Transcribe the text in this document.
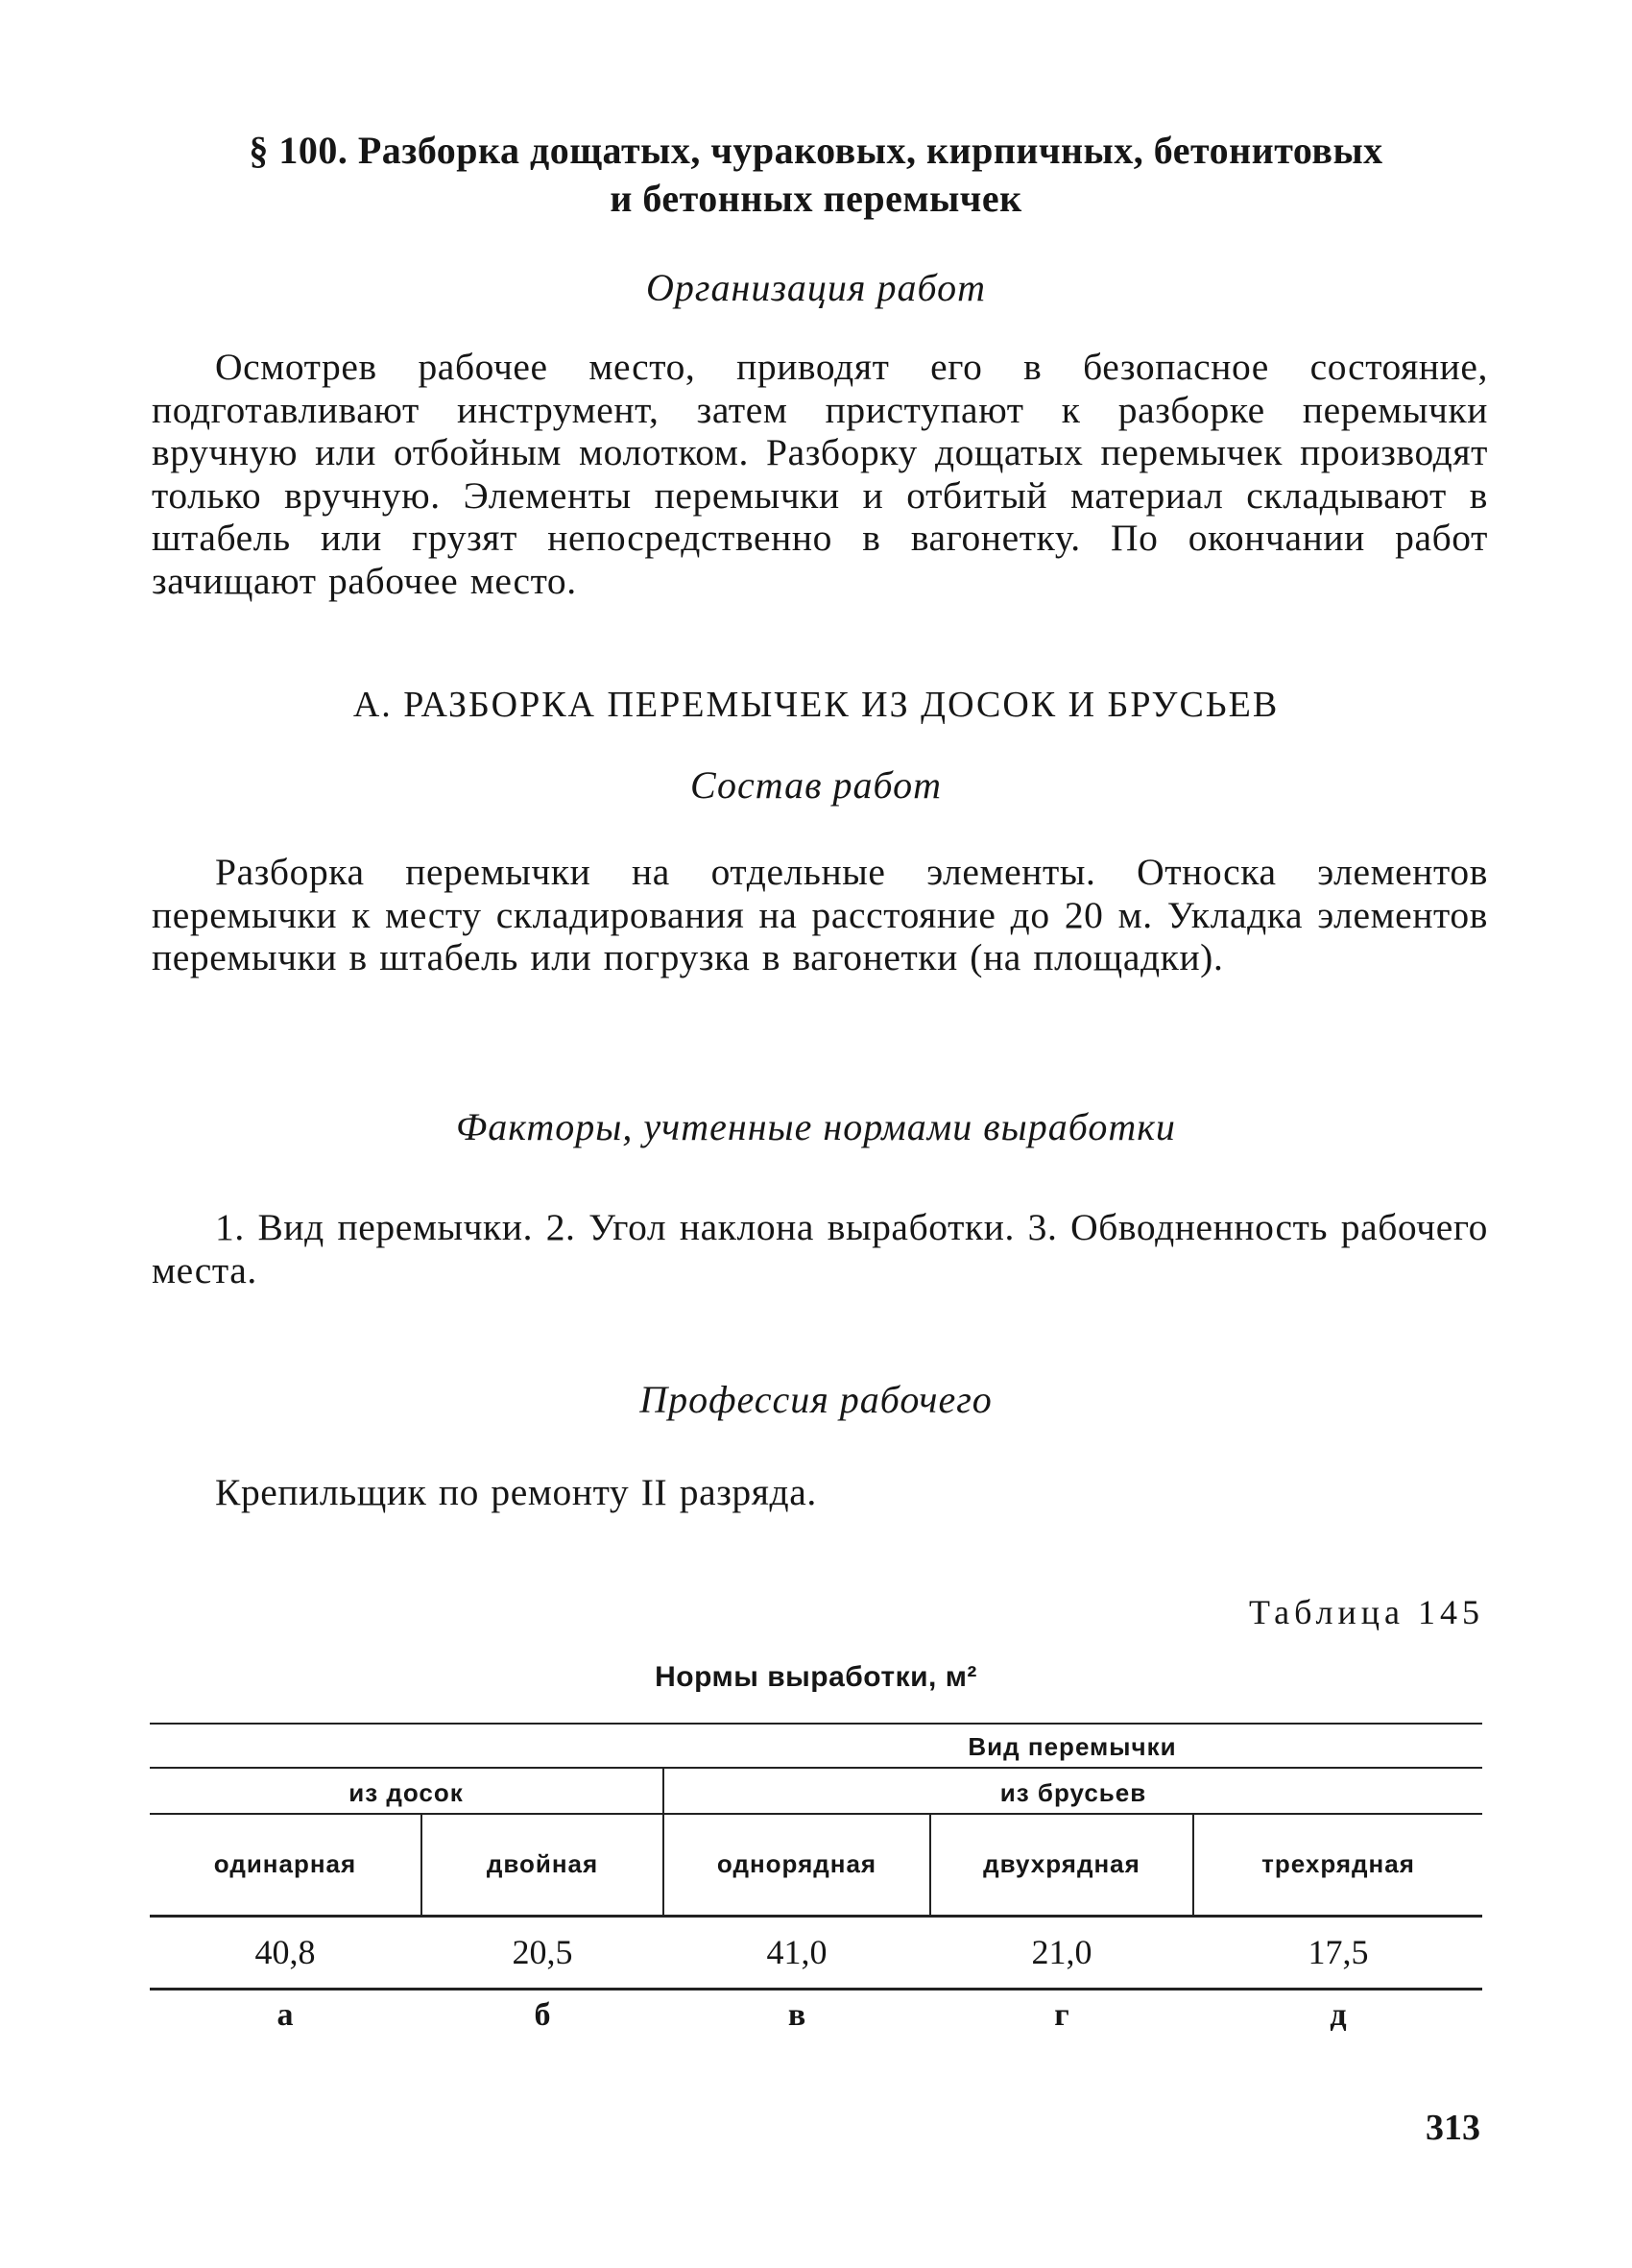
§ 100. Разборка дощатых, чураковых, кирпичных, бетонитовых
и бетонных перемычек
Организация работ
Осмотрев рабочее место, приводят его в безопасное состояние, подготавливают инструмент, затем приступают к разборке перемычки вручную или отбойным молотком. Разборку дощатых перемычек производят только вручную. Элементы перемычки и отбитый материал складывают в штабель или грузят непосредственно в вагонетку. По окончании работ зачищают рабочее место.
А. РАЗБОРКА ПЕРЕМЫЧЕК ИЗ ДОСОК И БРУСЬЕВ
Состав работ
Разборка перемычки на отдельные элементы. Относка элементов перемычки к месту складирования на расстояние до 20 м. Укладка элементов перемычки в штабель или погрузка в вагонетки (на площадки).
Факторы, учтенные нормами выработки
1. Вид перемычки. 2. Угол наклона выработки. 3. Обводненность рабочего места.
Профессия рабочего
Крепильщик по ремонту II разряда.
Таблица 145
Нормы выработки, м²
Вид перемычки
из досок	из брусьев
одинарная	двойная	однорядная	двухрядная	трехрядная
40,8	20,5	41,0	21,0	17,5
а	б	в	г	д
313
